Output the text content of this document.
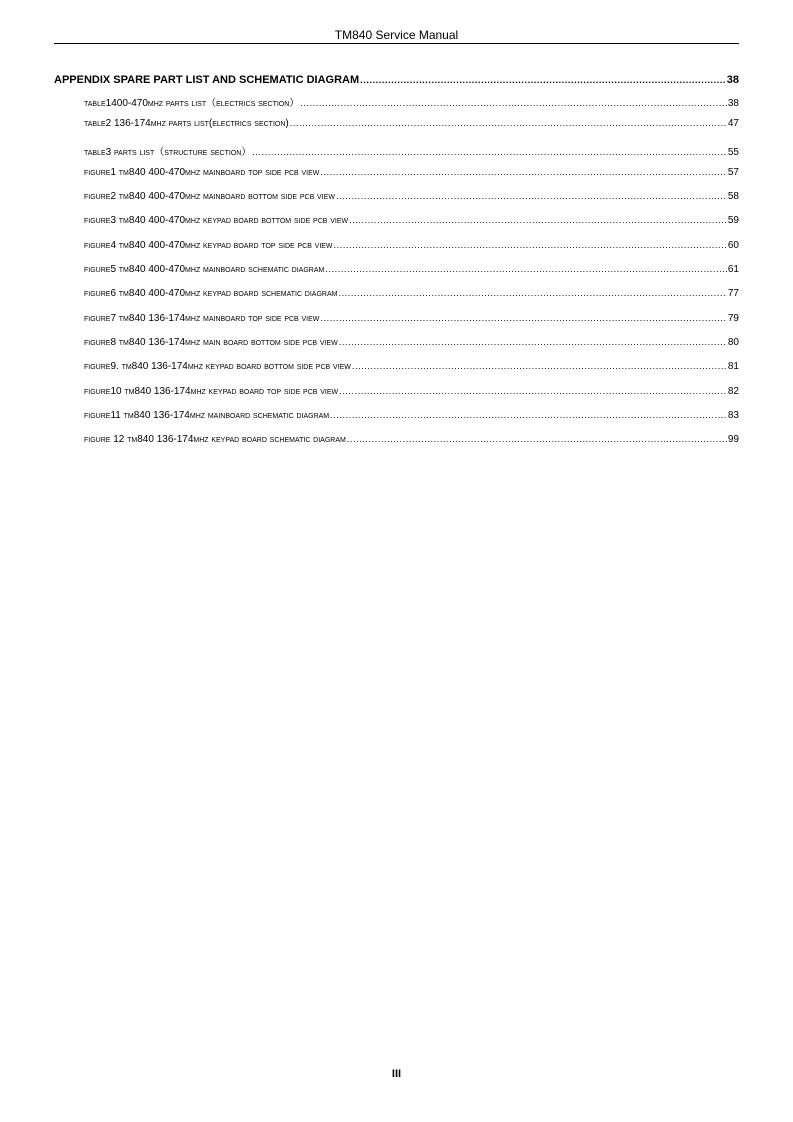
TM840 Service Manual
APPENDIX SPARE PART LIST AND SCHEMATIC DIAGRAM .....	38
table1400-470mhz parts list（electrics section） .....	38
table2 136-174mhz parts list(electrics section) .....	47
table3 parts list（structure section） .....	55
figure1 tm840 400-470mhz mainboard top side pcb view .....	57
figure2 tm840 400-470mhz mainboard bottom side pcb view .....	58
figure3 tm840 400-470mhz keypad board bottom side pcb view .....	59
figure4 tm840 400-470mhz keypad board top side pcb view .....	60
figure5 tm840 400-470mhz mainboard schematic diagram .....	61
figure6 tm840 400-470mhz keypad board schematic diagram .....	77
figure7 tm840 136-174mhz mainboard top side pcb view .....	79
figure8 tm840 136-174mhz main board bottom side pcb view .....	80
figure9. tm840 136-174mhz keypad board bottom side pcb view .....	81
figure10 tm840 136-174mhz keypad board top side pcb view .....	82
figure11 tm840 136-174mhz mainboard schematic diagram .....	83
figure 12 tm840 136-174mhz keypad board schematic diagram .....	99
III
